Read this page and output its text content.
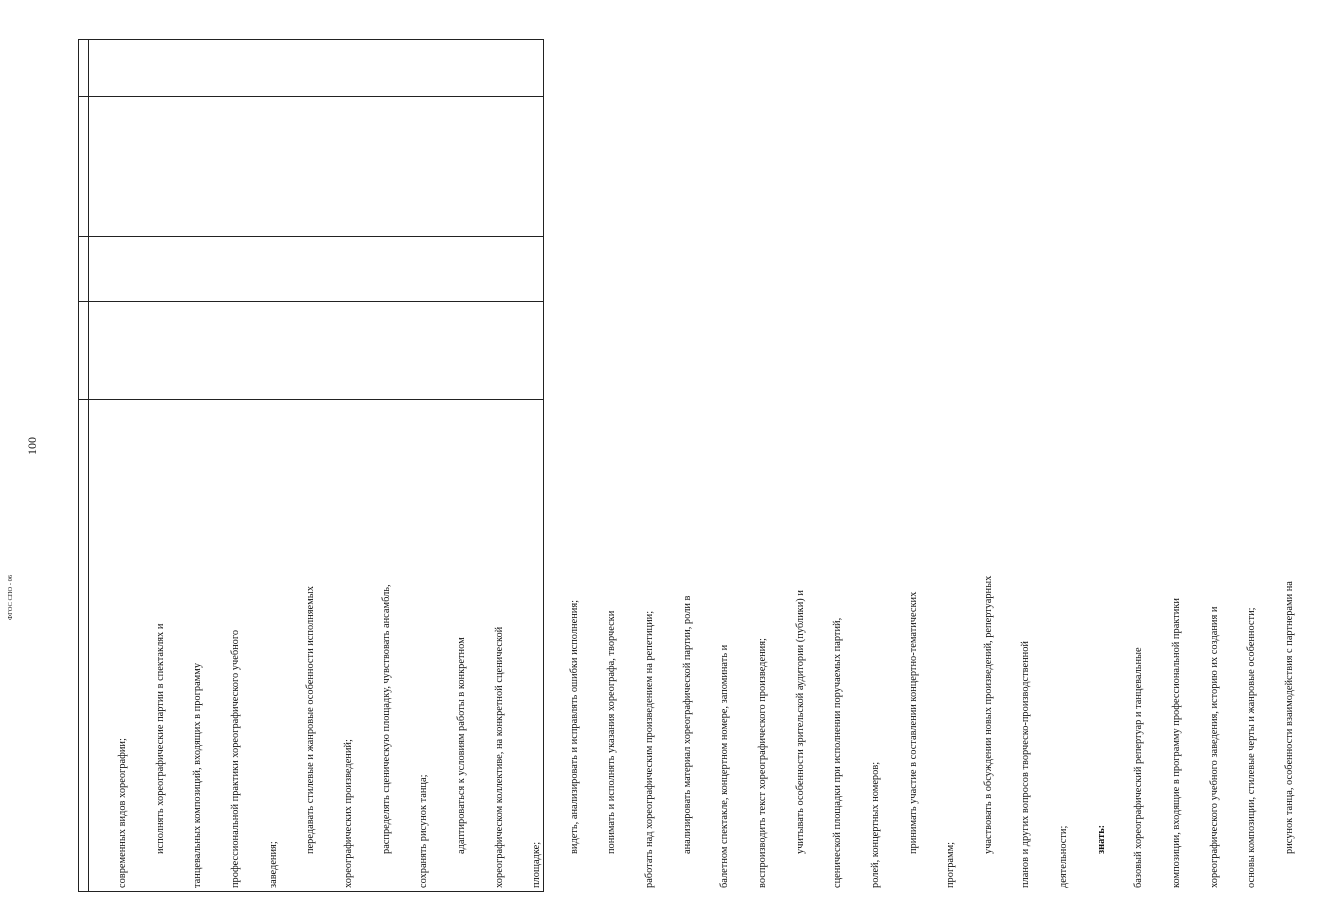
100
ФГОС СПО - 06

современных видов хореографии;

	исполнять хореографические партии в спектаклях и

	танцевальных композиций, входящих в программу

	профессиональной практики хореографического учебного

	заведения;

передавать стилевые и жанровые особенности исполняемых

	хореографических произведений;

	распределять сценическую площадку, чувствовать ансамбль,

	сохранять рисунок танца;

	адаптироваться к условиям работы в конкретном

	хореографическом коллективе, на конкретной сценической

	площадке;

видеть, анализировать и исправлять ошибки исполнения;

	понимать и исполнять указания хореографа, творчески

	работать над хореографическим произведением на репетиции;

	анализировать материал хореографической партии, роли в

	балетном спектакле, концертном номере, запоминать и

	воспроизводить текст хореографического произведения;

	учитывать особенности зрительской аудитории (публики) и

	сценической площадки при исполнении поручаемых партий,

	ролей, концертных номеров;

	принимать участие в составлении концертно-тематических

программ;

участвовать в обсуждении новых произведений, репертуарных

	планов и других вопросов творческо-производственной

	деятельности;

	знать:

	базовый хореографический репертуар и танцевальные

	композиции, входящие в программу профессиональной практики

	хореографического учебного заведения, историю их создания и

	основы композиции, стилевые черты и жанровые особенности;

	рисунок танца, особенности взаимодействия с партнерами на
